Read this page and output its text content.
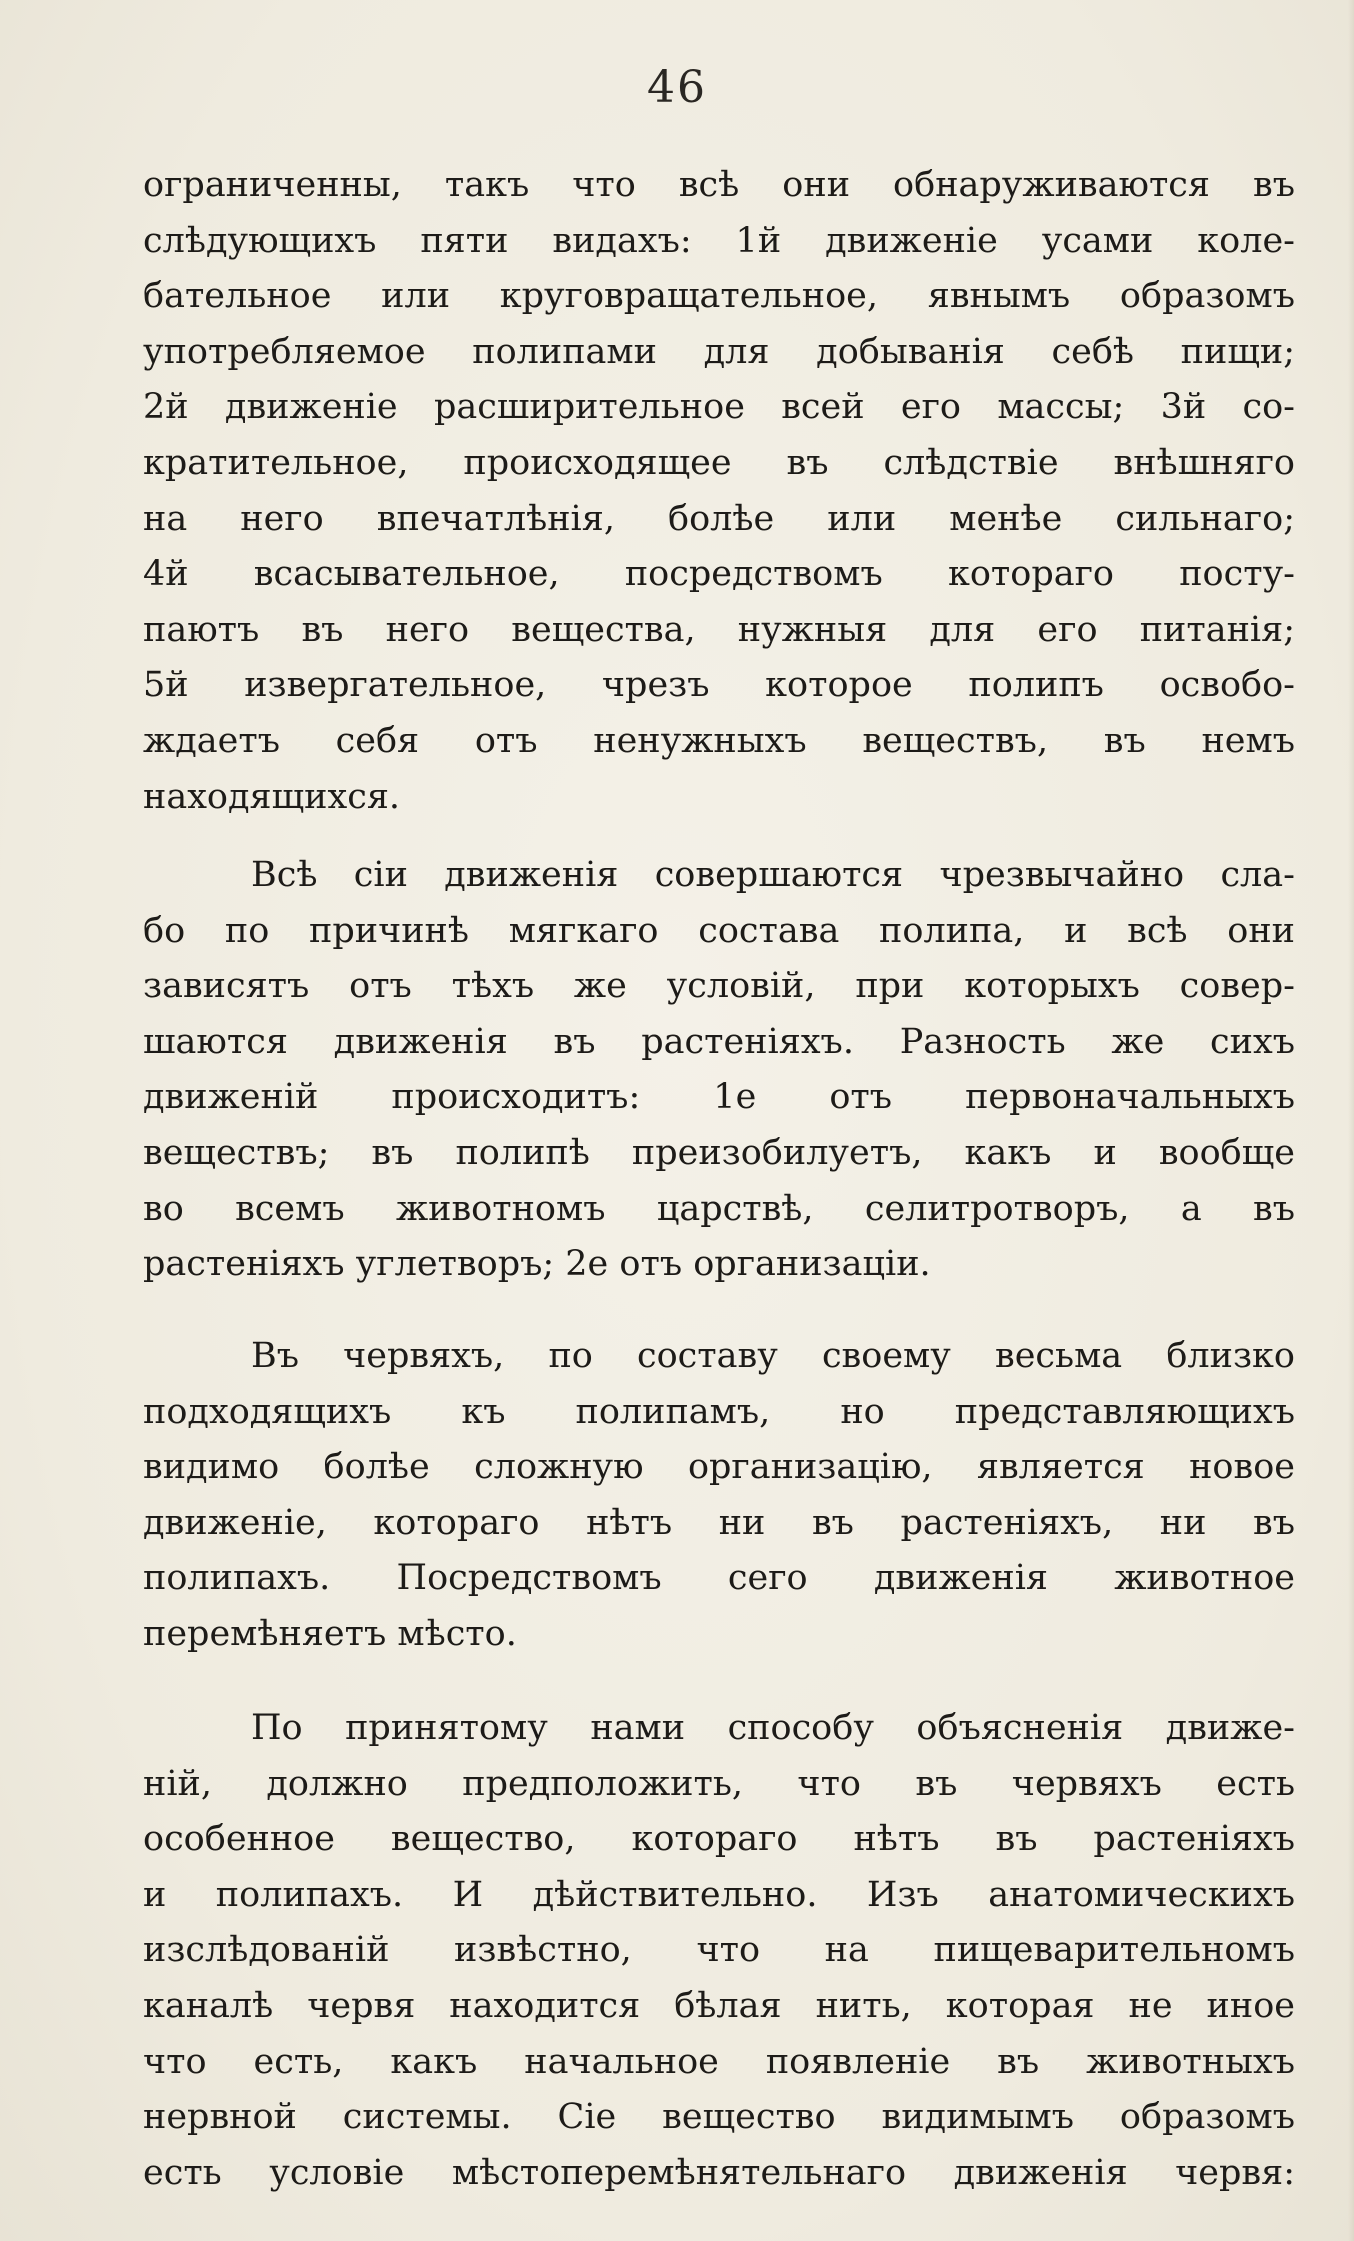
46
ограниченны, такъ что всѣ они обнаруживаются въ
слѣдующихъ пяти видахъ: 1й движеніе усами коле-
бательное или круговращательное, явнымъ образомъ
употребляемое полипами для добыванія себѣ пищи;
2й движеніе расширительное всей его массы; 3й со-
кратительное, происходящее въ слѣдствіе внѣшняго
на него впечатлѣнія, болѣе или менѣе сильнаго;
4й всасывательное, посредствомъ котораго посту-
паютъ въ него вещества, нужныя для его питанія;
5й извергательное, чрезъ которое полипъ освобо-
ждаетъ себя отъ ненужныхъ веществъ, въ немъ
находящихся.
Всѣ сіи движенія совершаются чрезвычайно сла-
бо по причинѣ мягкаго состава полипа, и всѣ они
зависятъ отъ тѣхъ же условій, при которыхъ совер-
шаются движенія въ растеніяхъ. Разность же сихъ
движеній происходитъ: 1е отъ первоначальныхъ
веществъ; въ полипѣ преизобилуетъ, какъ и вообще
во всемъ животномъ царствѣ, селитротворъ, а въ
растеніяхъ углетворъ; 2е отъ организаціи.
Въ червяхъ, по составу своему весьма близко
подходящихъ къ полипамъ, но представляющихъ
видимо болѣе сложную организацію, является новое
движеніе, котораго нѣтъ ни въ растеніяхъ, ни въ
полипахъ. Посредствомъ сего движенія животное
перемѣняетъ мѣсто.
По принятому нами способу объясненія движе-
ній, должно предположить, что въ червяхъ есть
особенное вещество, котораго нѣтъ въ растеніяхъ
и полипахъ. И дѣйствительно. Изъ анатомическихъ
изслѣдованій извѣстно, что на пищеварительномъ
каналѣ червя находится бѣлая нить, которая не иное
что есть, какъ начальное появленіе въ животныхъ
нервной системы. Сіе вещество видимымъ образомъ
есть условіе мѣстоперемѣнятельнаго движенія червя:
